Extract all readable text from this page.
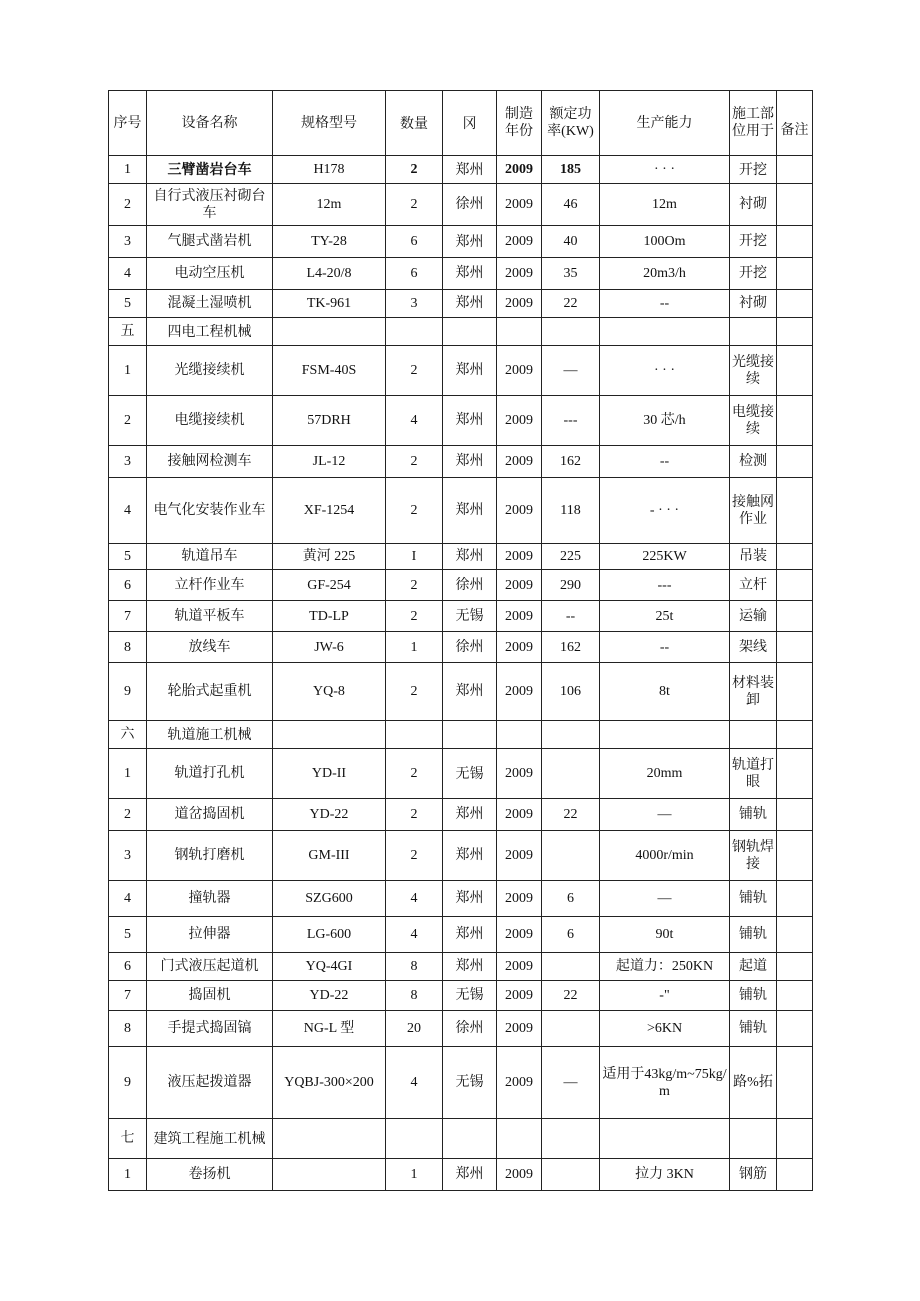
序号	设备名称	规格型号	数量	冈	制造年份	额定功率(KW)	生产能力	施工部位用于	备注
1	三臂凿岩台车	H178	2	郑州	2009	185	· · ·	开挖	
2	自行式液压衬砌台车	12m	2	徐州	2009	46	12m	衬砌	
3	气腿式凿岩机	TY-28	6	郑州	2009	40	100Om	开挖	
4	电动空压机	L4-20/8	6	郑州	2009	35	20m3/h	开挖	
5	混凝土湿喷机	TK-961	3	郑州	2009	22	--	衬砌	
五	四电工程机械								
1	光缆接续机	FSM-40S	2	郑州	2009	—	· · ·	光缆接续	
2	电缆接续机	57DRH	4	郑州	2009	---	30 芯/h	电缆接续	
3	接触网检测车	JL-12	2	郑州	2009	162	--	检测	
4	电气化安装作业车	XF-1254	2	郑州	2009	118	- · · ·	接触网作业	
5	轨道吊车	黄河 225	I	郑州	2009	225	225KW	吊装	
6	立杆作业车	GF-254	2	徐州	2009	290	---	立杆	
7	轨道平板车	TD-LP	2	无锡	2009	--	25t	运输	
8	放线车	JW-6	1	徐州	2009	162	--	架线	
9	轮胎式起重机	YQ-8	2	郑州	2009	106	8t	材料装卸	
六	轨道施工机械								
1	轨道打孔机	YD-II	2	无锡	2009		20mm	轨道打眼	
2	道岔捣固机	YD-22	2	郑州	2009	22	—	铺轨	
3	钢轨打磨机	GM-III	2	郑州	2009		4000r/min	钢轨焊接	
4	撞轨器	SZG600	4	郑州	2009	6	—	铺轨	
5	拉伸器	LG-600	4	郑州	2009	6	90t	铺轨	
6	门式液压起道机	YQ-4GI	8	郑州	2009		起道力：250KN	起道	
7	捣固机	YD-22	8	无锡	2009	22	-"	铺轨	
8	手提式捣固镐	NG-L 型	20	徐州	2009		>6KN	铺轨	
9	液压起拨道器	YQBJ-300×200	4	无锡	2009	—	适用于43kg/m~75kg/m	路%拓	
七	建筑工程施工机械								
1	卷扬机		1	郑州	2009		拉力 3KN	钢筋	
